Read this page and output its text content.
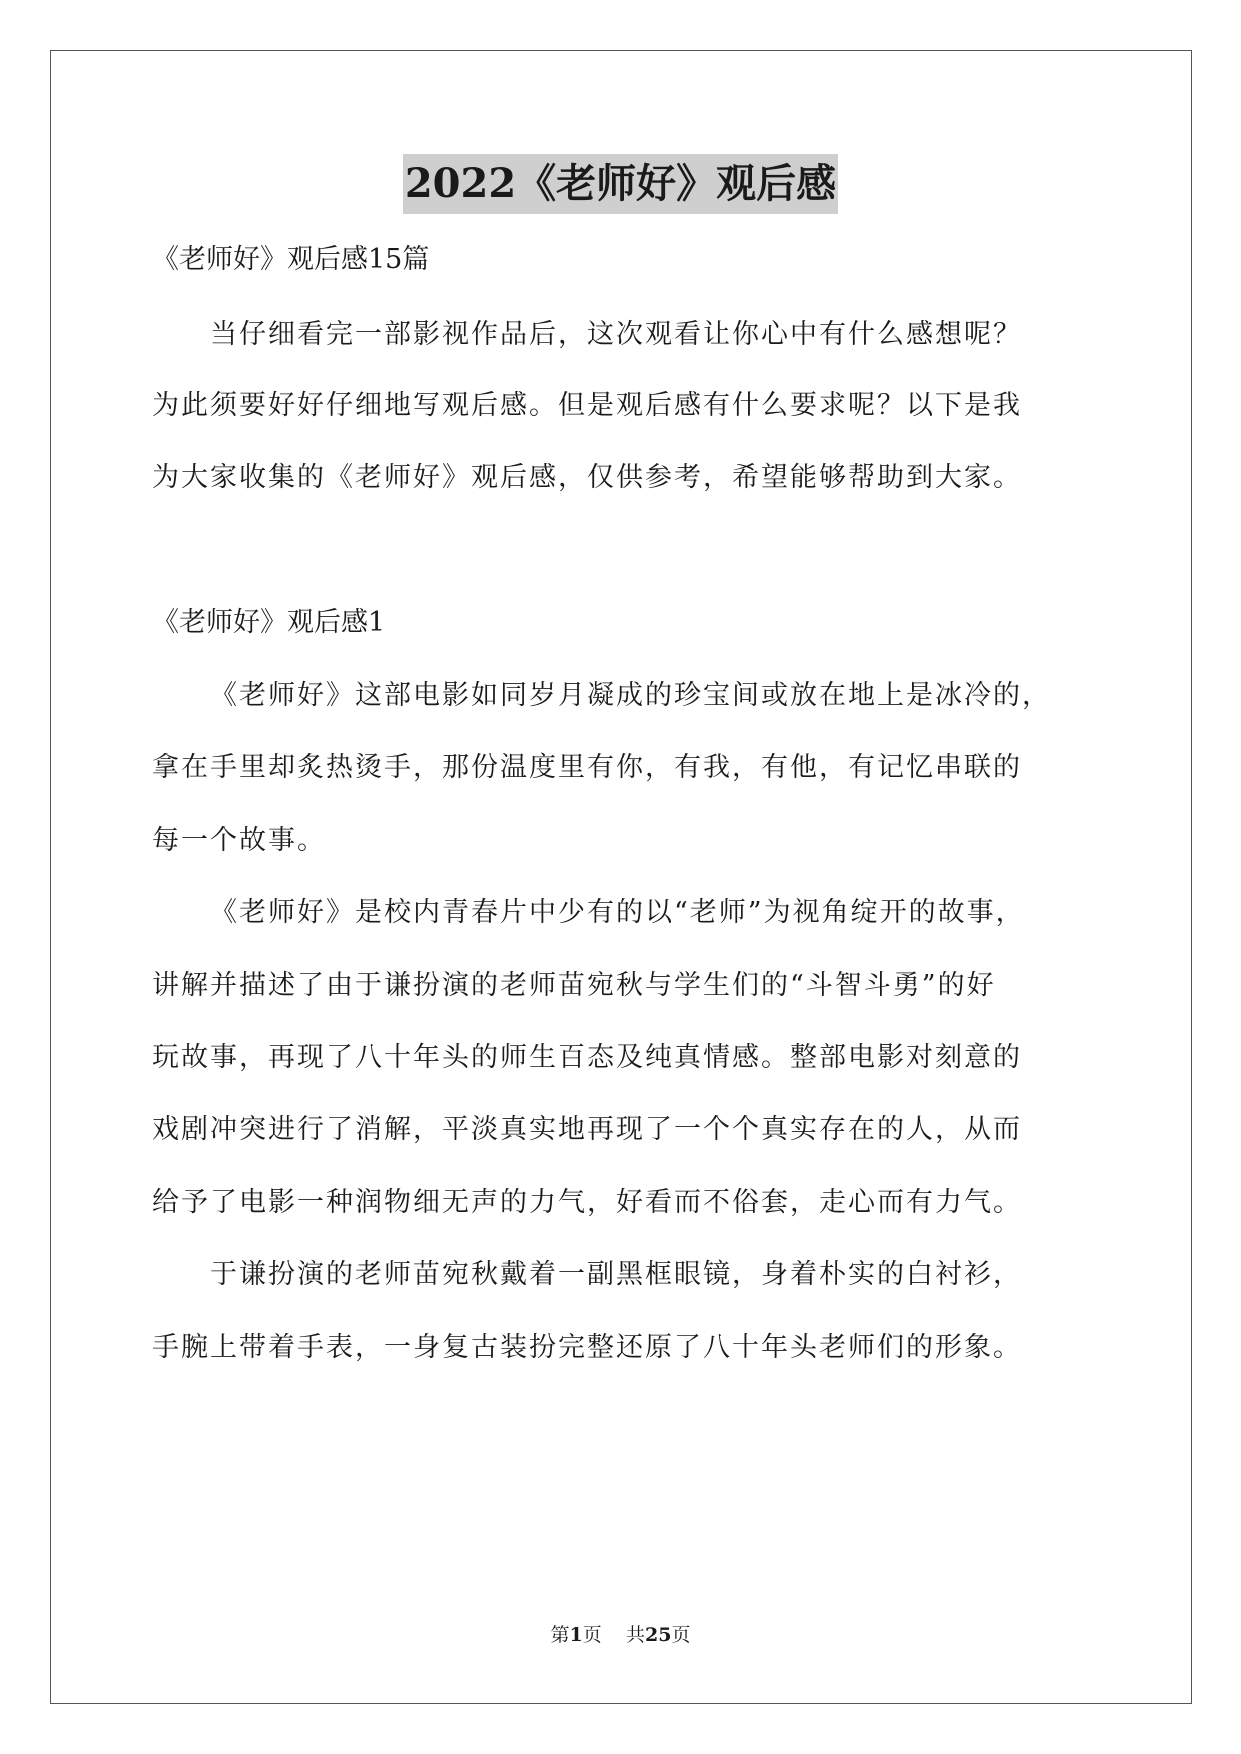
2022《老师好》观后感
《老师好》观后感15篇
当仔细看完一部影视作品后，这次观看让你心中有什么感想呢？
为此须要好好仔细地写观后感。但是观后感有什么要求呢？以下是我
为大家收集的《老师好》观后感，仅供参考，希望能够帮助到大家。
《老师好》观后感1
《老师好》这部电影如同岁月凝成的珍宝间或放在地上是冰冷的，
拿在手里却炙热烫手，那份温度里有你，有我，有他，有记忆串联的
每一个故事。
《老师好》是校内青春片中少有的以“老师”为视角绽开的故事，
讲解并描述了由于谦扮演的老师苗宛秋与学生们的“斗智斗勇”的好
玩故事，再现了八十年头的师生百态及纯真情感。整部电影对刻意的
戏剧冲突进行了消解，平淡真实地再现了一个个真实存在的人，从而
给予了电影一种润物细无声的力气，好看而不俗套，走心而有力气。
于谦扮演的老师苗宛秋戴着一副黑框眼镜，身着朴实的白衬衫，
手腕上带着手表，一身复古装扮完整还原了八十年头老师们的形象。
第1页 共25页
